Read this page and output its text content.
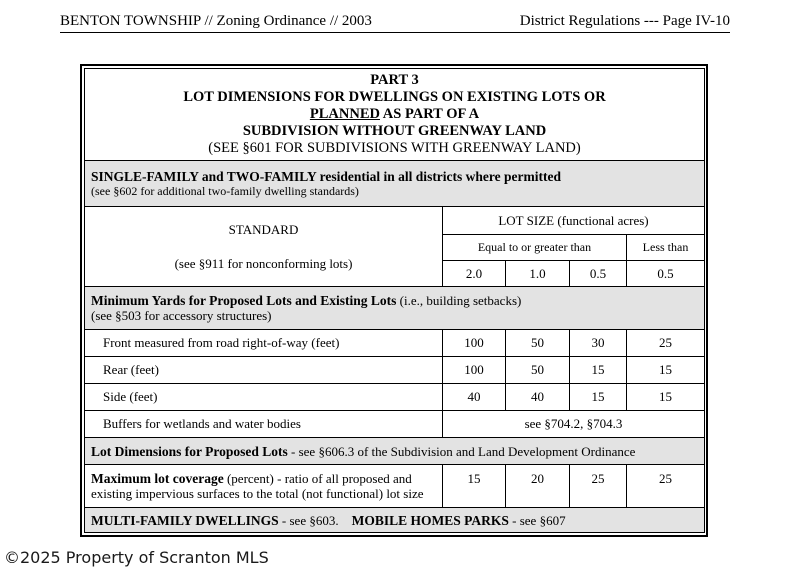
BENTON TOWNSHIP // Zoning Ordinance // 2003	District Regulations --- Page IV-10
PART 3
LOT DIMENSIONS FOR DWELLINGS ON EXISTING LOTS OR
PLANNED AS PART OF A
SUBDIVISION WITHOUT GREENWAY LAND
(SEE §601 FOR SUBDIVISIONS WITH GREENWAY LAND)				

SINGLE-FAMILY and TWO-FAMILY residential in all districts where permitted
(see §602 for additional two-family dwelling standards)				

STANDARD
(see §911 for nonconforming lots)	LOT SIZE (functional acres)			
	Equal to or greater than			Less than
	2.0	1.0	0.5	0.5

Minimum Yards for Proposed Lots and Existing Lots (i.e., building setbacks)
(see §503 for accessory structures)				

Front measured from road right-of-way (feet)	100	50	30	25
Rear (feet)	100	50	15	15
Side (feet)	40	40	15	15
Buffers for wetlands and water bodies	see §704.2, §704.3			
Lot Dimensions for Proposed Lots - see §606.3 of the Subdivision and Land Development Ordinance				

Maximum lot coverage (percent) - ratio of all proposed and
existing impervious surfaces to the total (not functional) lot size	15	20	25	25
MULTI-FAMILY DWELLINGS - see §603.    MOBILE HOMES PARKS - see §607				
©2025 Property of Scranton MLS
